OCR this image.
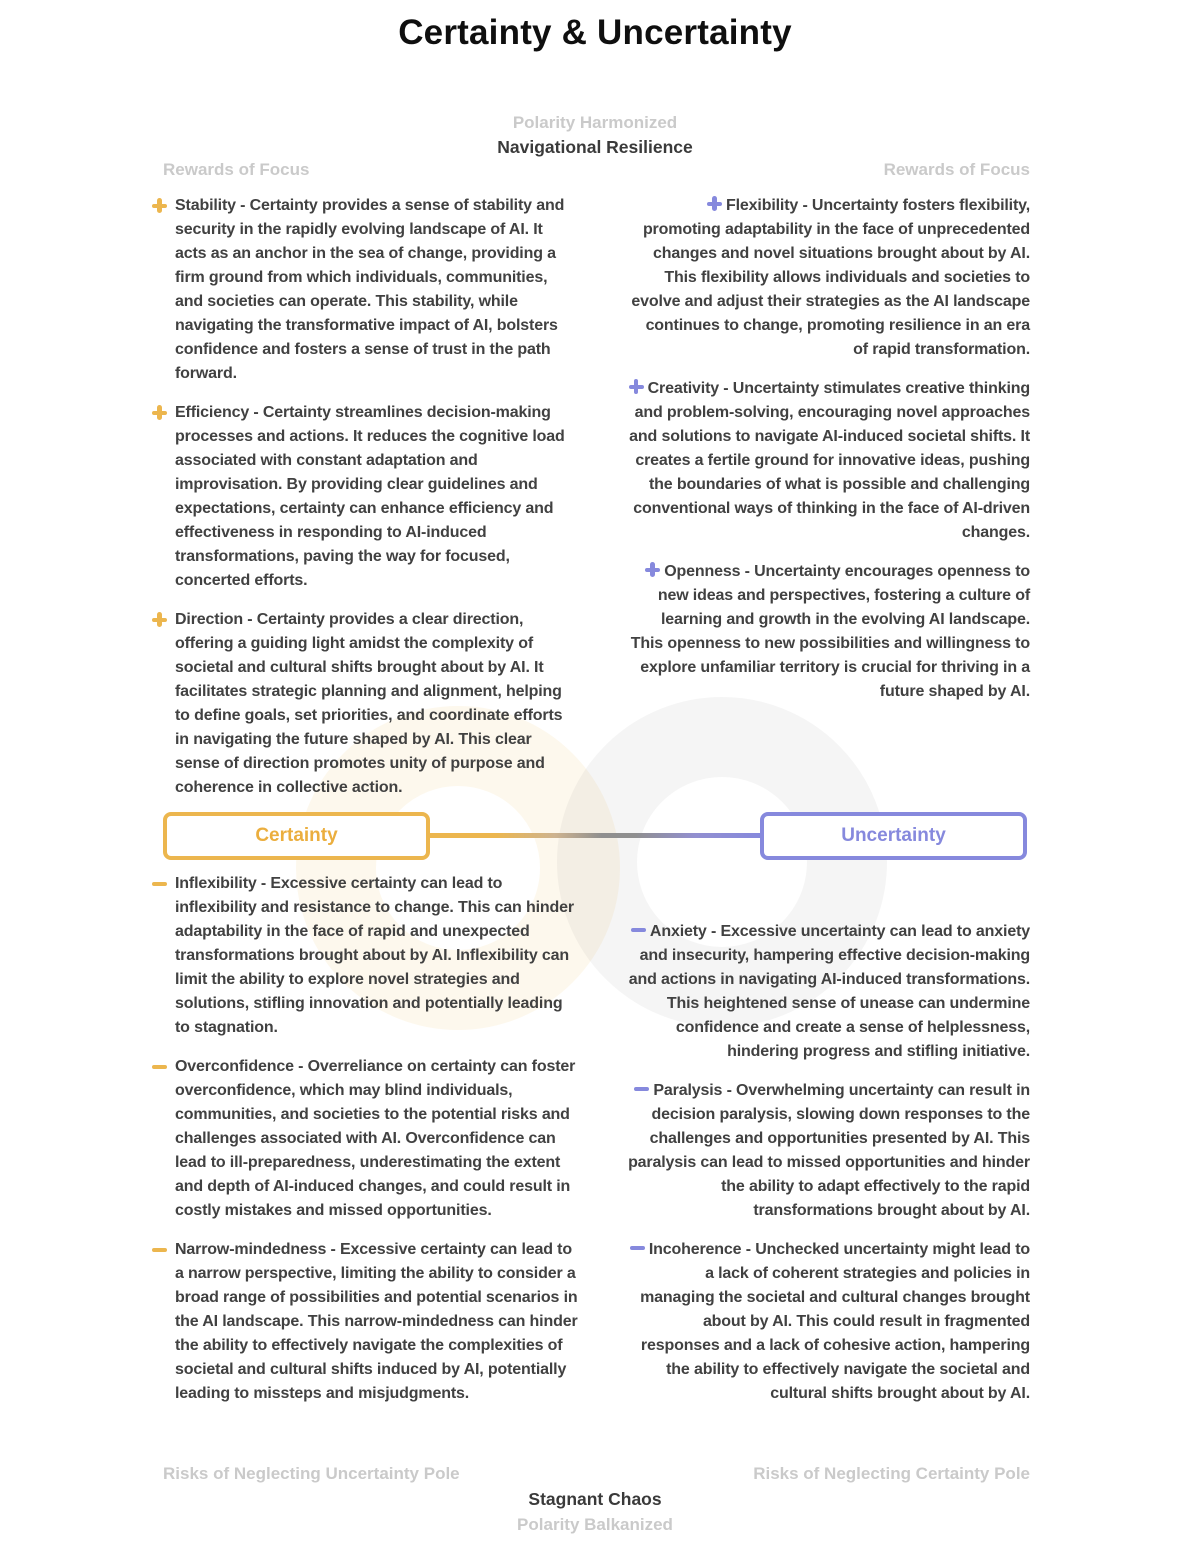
Certainty & Uncertainty
Polarity Harmonized
Navigational Resilience
Rewards of Focus	Rewards of Focus
Stability - Certainty provides a sense of stability and security in the rapidly evolving landscape of AI. It acts as an anchor in the sea of change, providing a firm ground from which individuals, communities, and societies can operate. This stability, while navigating the transformative impact of AI, bolsters confidence and fosters a sense of trust in the path forward.
Efficiency - Certainty streamlines decision-making processes and actions. It reduces the cognitive load associated with constant adaptation and improvisation. By providing clear guidelines and expectations, certainty can enhance efficiency and effectiveness in responding to AI-induced transformations, paving the way for focused, concerted efforts.
Direction - Certainty provides a clear direction, offering a guiding light amidst the complexity of societal and cultural shifts brought about by AI. It facilitates strategic planning and alignment, helping to define goals, set priorities, and coordinate efforts in navigating the future shaped by AI. This clear sense of direction promotes unity of purpose and coherence in collective action.
Flexibility - Uncertainty fosters flexibility, promoting adaptability in the face of unprecedented changes and novel situations brought about by AI. This flexibility allows individuals and societies to evolve and adjust their strategies as the AI landscape continues to change, promoting resilience in an era of rapid transformation.
Creativity - Uncertainty stimulates creative thinking and problem-solving, encouraging novel approaches and solutions to navigate AI-induced societal shifts. It creates a fertile ground for innovative ideas, pushing the boundaries of what is possible and challenging conventional ways of thinking in the face of AI-driven changes.
Openness - Uncertainty encourages openness to new ideas and perspectives, fostering a culture of learning and growth in the evolving AI landscape. This openness to new possibilities and willingness to explore unfamiliar territory is crucial for thriving in a future shaped by AI.
Certainty	Uncertainty
Inflexibility - Excessive certainty can lead to inflexibility and resistance to change. This can hinder adaptability in the face of rapid and unexpected transformations brought about by AI. Inflexibility can limit the ability to explore novel strategies and solutions, stifling innovation and potentially leading to stagnation.
Overconfidence - Overreliance on certainty can foster overconfidence, which may blind individuals, communities, and societies to the potential risks and challenges associated with AI. Overconfidence can lead to ill-preparedness, underestimating the extent and depth of AI-induced changes, and could result in costly mistakes and missed opportunities.
Narrow-mindedness - Excessive certainty can lead to a narrow perspective, limiting the ability to consider a broad range of possibilities and potential scenarios in the AI landscape. This narrow-mindedness can hinder the ability to effectively navigate the complexities of societal and cultural shifts induced by AI, potentially leading to missteps and misjudgments.
Anxiety - Excessive uncertainty can lead to anxiety and insecurity, hampering effective decision-making and actions in navigating AI-induced transformations. This heightened sense of unease can undermine confidence and create a sense of helplessness, hindering progress and stifling initiative.
Paralysis - Overwhelming uncertainty can result in decision paralysis, slowing down responses to the challenges and opportunities presented by AI. This paralysis can lead to missed opportunities and hinder the ability to adapt effectively to the rapid transformations brought about by AI.
Incoherence - Unchecked uncertainty might lead to a lack of coherent strategies and policies in managing the societal and cultural changes brought about by AI. This could result in fragmented responses and a lack of cohesive action, hampering the ability to effectively navigate the societal and cultural shifts brought about by AI.
Risks of Neglecting Uncertainty Pole	Risks of Neglecting Certainty Pole
Stagnant Chaos
Polarity Balkanized
